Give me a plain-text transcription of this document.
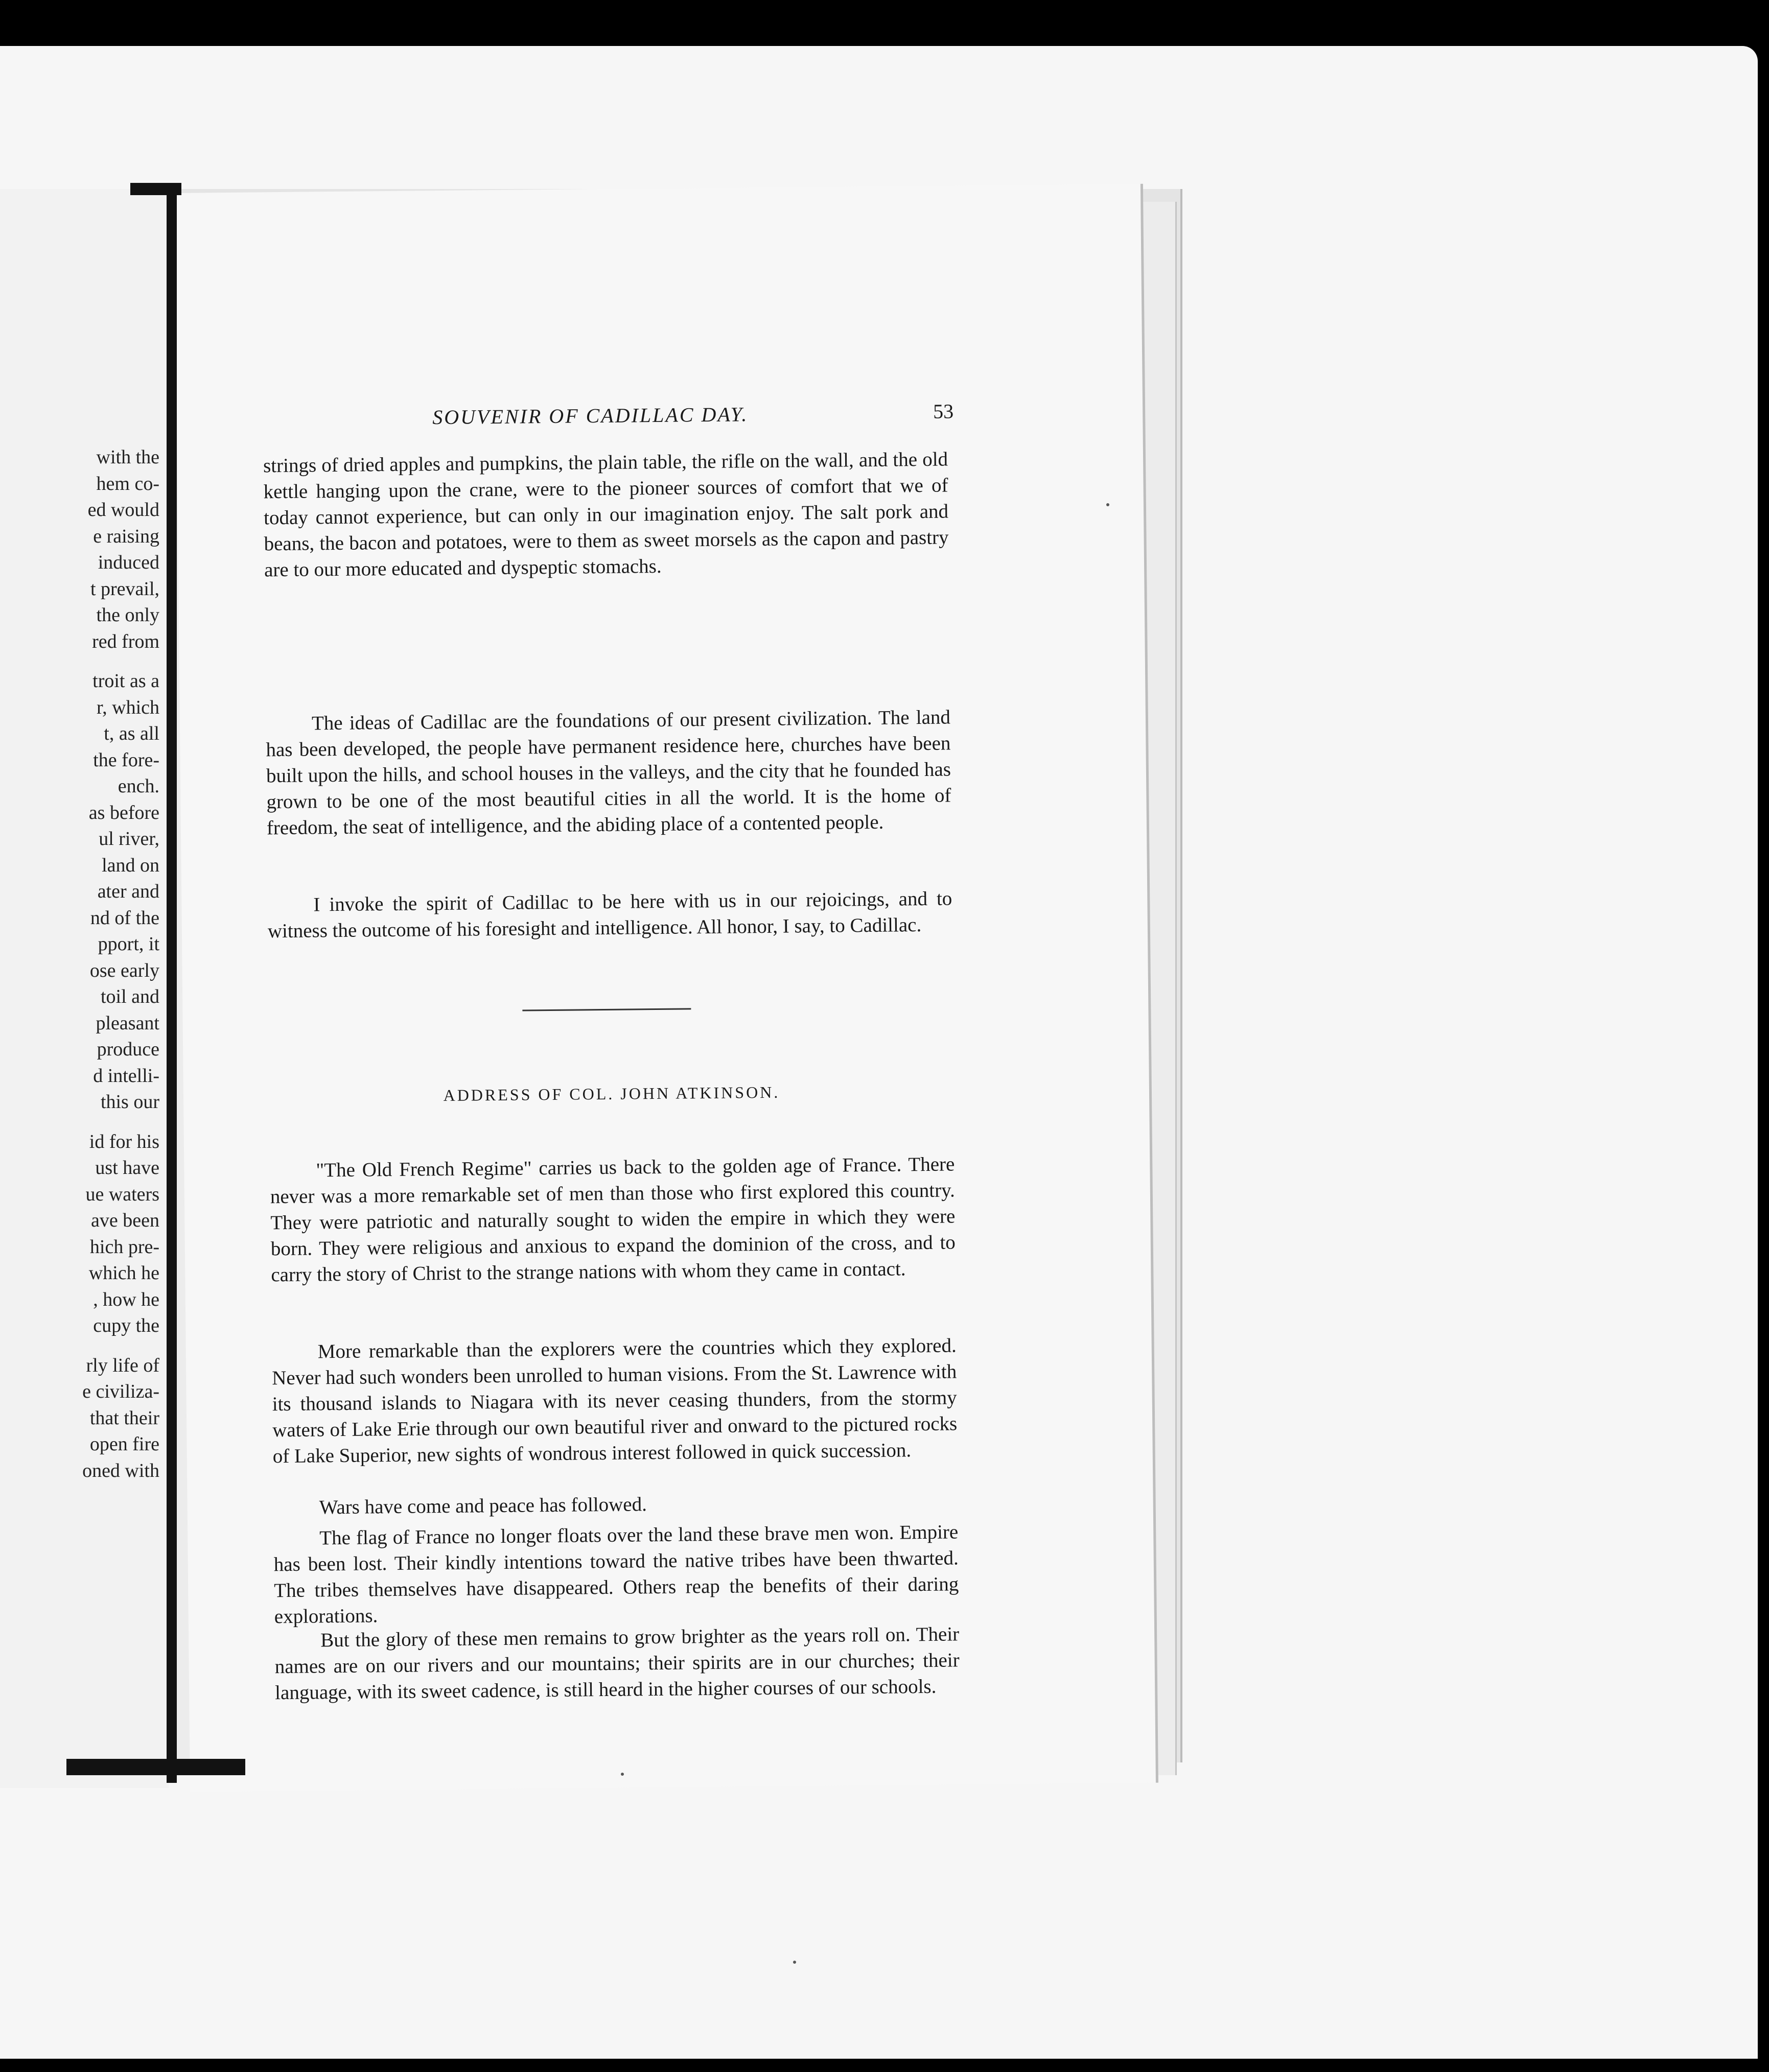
with the
hem co-
ed would
e raising
induced
t prevail,
the only
red from
troit as a
r, which
t, as all
the fore-
ench.
as before
ul river,
land on
ater and
nd of the
pport, it
ose early
toil and
pleasant
produce
d intelli-
this our
id for his
ust have
ue waters
ave been
hich pre-
which he
, how he
cupy the
rly life of
e civiliza-
that their
open fire
oned with
SOUVENIR OF CADILLAC DAY.	53

strings of dried apples and pumpkins, the plain table, the rifle on the wall, and the old kettle hanging upon the crane, were to the pioneer sources of comfort that we of today cannot experience, but can only in our imagination enjoy. The salt pork and beans, the bacon and potatoes, were to them as sweet morsels as the capon and pastry are to our more educated and dyspeptic stomachs.

The ideas of Cadillac are the foundations of our present civilization. The land has been developed, the people have permanent residence here, churches have been built upon the hills, and school houses in the valleys, and the city that he founded has grown to be one of the most beautiful cities in all the world. It is the home of freedom, the seat of intelligence, and the abiding place of a contented people.

I invoke the spirit of Cadillac to be here with us in our rejoicings, and to witness the outcome of his foresight and intelligence. All honor, I say, to Cadillac.

ADDRESS OF COL. JOHN ATKINSON.

"The Old French Regime" carries us back to the golden age of France. There never was a more remarkable set of men than those who first explored this country. They were patriotic and naturally sought to widen the empire in which they were born. They were religious and anxious to expand the dominion of the cross, and to carry the story of Christ to the strange nations with whom they came in contact.

More remarkable than the explorers were the countries which they explored. Never had such wonders been unrolled to human visions. From the St. Lawrence with its thousand islands to Niagara with its never ceasing thunders, from the stormy waters of Lake Erie through our own beautiful river and onward to the pictured rocks of Lake Superior, new sights of wondrous interest followed in quick succession.

Wars have come and peace has followed.

The flag of France no longer floats over the land these brave men won. Empire has been lost. Their kindly intentions toward the native tribes have been thwarted. The tribes themselves have disappeared. Others reap the benefits of their daring explorations.

But the glory of these men remains to grow brighter as the years roll on. Their names are on our rivers and our mountains; their spirits are in our churches; their language, with its sweet cadence, is still heard in the higher courses of our schools.
